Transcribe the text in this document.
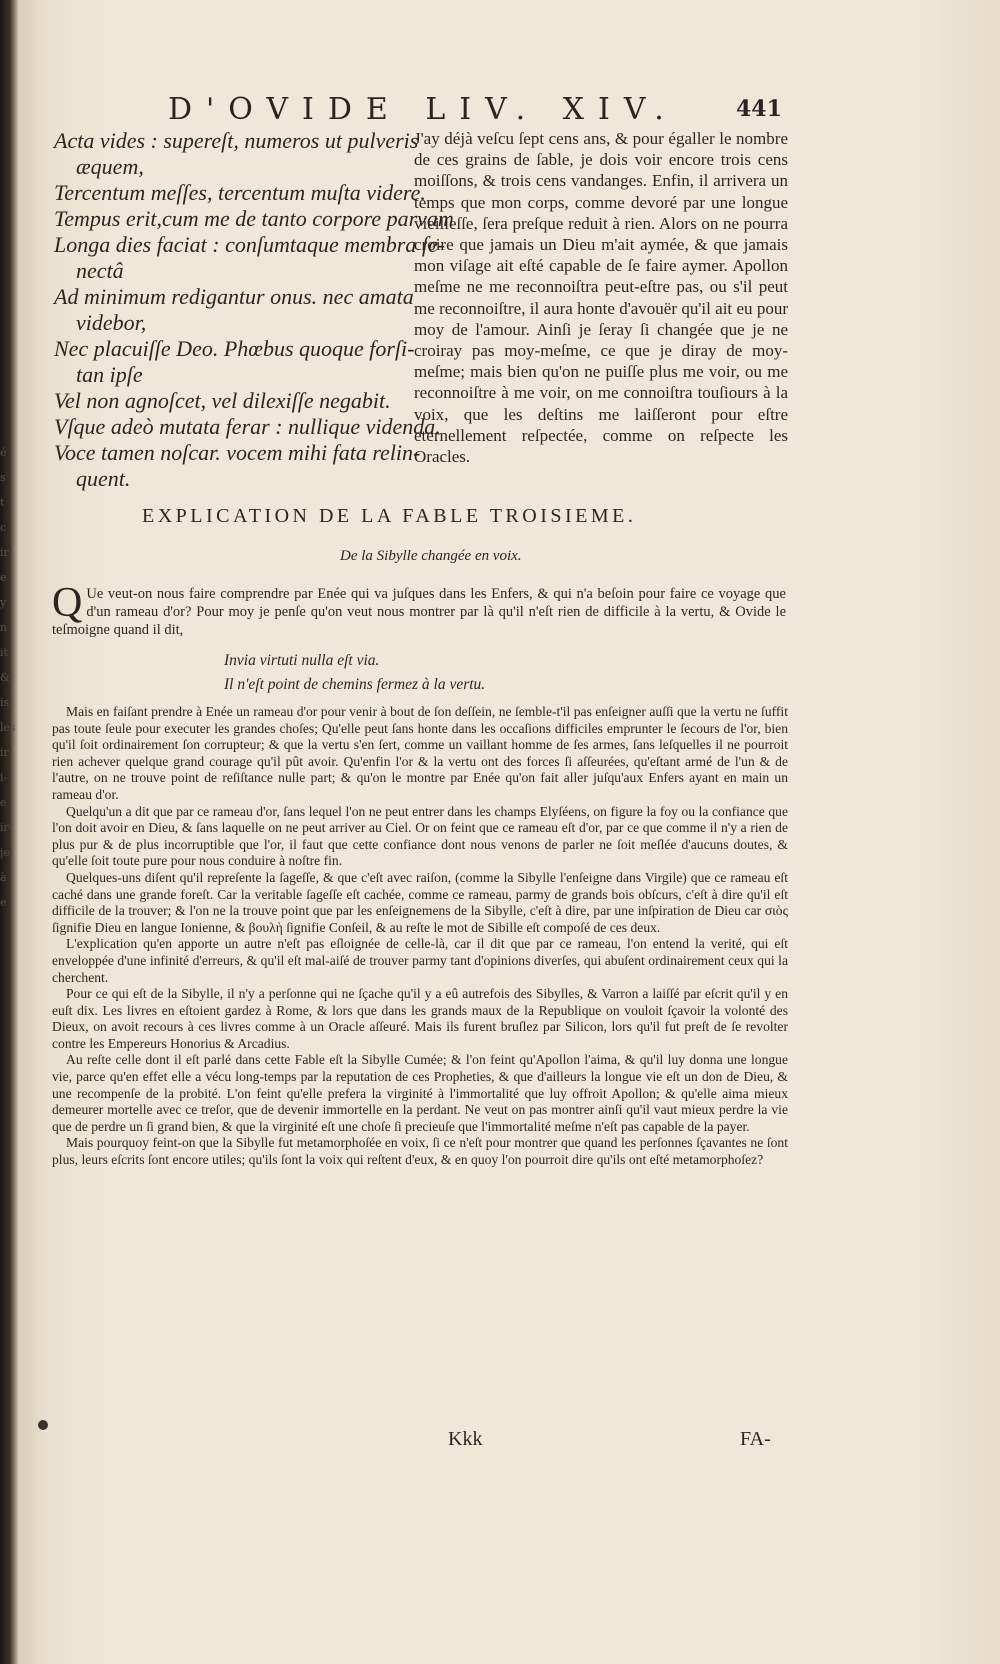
D'OVIDE LIV. XIV.	441
Acta vides : supereſt, numeros ut pulveris
æquem,
Tercentum meſſes, tercentum muſta videre.
Tempus erit,cum me de tanto corpore parvam
Longa dies faciat : conſumtaque membra ſe-
nectâ
Ad minimum redigantur onus. nec amata
videbor,
Nec placuiſſe Deo. Phœbus quoque forſi-
tan ipſe
Vel non agnoſcet, vel dilexiſſe negabit.
Vſque adeò mutata ferar : nullique videnda.
Voce tamen noſcar. vocem mihi fata relin-
quent.
J'ay déjà veſcu ſept cens ans, & pour égaller le nombre de ces grains de ſable, je dois voir encore trois cens moiſſons, & trois cens vandanges. Enfin, il arrivera un temps que mon corps, comme devoré par une longue vieilleſſe, ſera preſque reduit à rien. Alors on ne pourra croire que jamais un Dieu m'ait aymée, & que jamais mon viſage ait eſté capable de ſe faire aymer. Apollon meſme ne me reconnoiſtra peut-eſtre pas, ou s'il peut me reconnoiſtre, il aura honte d'avouër qu'il ait eu pour moy de l'amour. Ainſi je ſeray ſi changée que je ne croiray pas moy-meſme, ce que je diray de moy-meſme; mais bien qu'on ne puiſſe plus me voir, ou me reconnoiſtre à me voir, on me connoiſtra touſiours à la voix, que les deſtins me laiſſeront pour eſtre eternellement reſpectée, comme on reſpecte les Oracles.
EXPLICATION DE LA FABLE TROISIEME.
De la Sibylle changée en voix.
Q Ue veut-on nous faire comprendre par Enée qui va juſques dans les Enfers, & qui n'a beſoin pour faire ce voyage que d'un rameau d'or? Pour moy je penſe qu'on veut nous montrer par là qu'il n'eſt rien de difficile à la vertu, & Ovide le teſmoigne quand il dit,
Invia virtuti nulla eſt via.
Il n'eſt point de chemins fermez à la vertu.

Mais en faiſant prendre à Enée un rameau d'or pour venir à bout de ſon deſſein, ne ſemble-t'il pas enſeigner auſſi que la vertu ne ſuffit pas toute ſeule pour executer les grandes choſes; Qu'elle peut ſans honte dans les occaſions difficiles emprunter le ſecours de l'or, bien qu'il ſoit ordinairement ſon corrupteur; & que la vertu s'en ſert, comme un vaillant homme de ſes armes, ſans leſquelles il ne pourroit rien achever quelque grand courage qu'il pût avoir. Qu'enfin l'or & la vertu ont des forces ſi aſſeurées, qu'eſtant armé de l'un & de l'autre, on ne trouve point de reſiſtance nulle part; & qu'on le montre par Enée qu'on fait aller juſqu'aux Enfers ayant en main un rameau d'or.

Quelqu'un a dit que par ce rameau d'or, ſans lequel l'on ne peut entrer dans les champs Elyſéens, on figure la foy ou la confiance que l'on doit avoir en Dieu, & ſans laquelle on ne peut arriver au Ciel. Or on feint que ce rameau eſt d'or, par ce que comme il n'y a rien de plus pur & de plus incorruptible que l'or, il faut que cette confiance dont nous venons de parler ne ſoit meſlée d'aucuns doutes, & qu'elle ſoit toute pure pour nous conduire à noſtre fin.

Quelques-uns diſent qu'il repreſente la ſageſſe, & que c'eſt avec raiſon, (comme la Sibylle l'enſeigne dans Virgile) que ce rameau eſt caché dans une grande foreſt. Car la veritable ſageſſe eſt cachée, comme ce rameau, parmy de grands bois obſcurs, c'eſt à dire qu'il eſt difficile de la trouver; & l'on ne la trouve point que par les enſeignemens de la Sibylle, c'eſt à dire, par une inſpiration de Dieu car σιὸς ſignifie Dieu en langue Ionienne, & βουλὴ ſignifie Conſeil, & au reſte le mot de Sibille eſt compoſé de ces deux.

L'explication qu'en apporte un autre n'eſt pas eſloignée de celle-là, car il dit que par ce rameau, l'on entend la verité, qui eſt enveloppée d'une infinité d'erreurs, & qu'il eſt mal-aiſé de trouver parmy tant d'opinions diverſes, qui abuſent ordinairement ceux qui la cherchent.

Pour ce qui eſt de la Sibylle, il n'y a perſonne qui ne ſçache qu'il y a eû autrefois des Sibylles, & Varron a laiſſé par eſcrit qu'il y en euſt dix. Les livres en eſtoient gardez à Rome, & lors que dans les grands maux de la Republique on vouloit ſçavoir la volonté des Dieux, on avoit recours à ces livres comme à un Oracle aſſeuré. Mais ils furent bruſlez par Silicon, lors qu'il fut preſt de ſe revolter contre les Empereurs Honorius & Arcadius.

Au reſte celle dont il eſt parlé dans cette Fable eſt la Sibylle Cumée; & l'on feint qu'Apollon l'aima, & qu'il luy donna une longue vie, parce qu'en effet elle a vécu long-temps par la reputation de ces Propheties, & que d'ailleurs la longue vie eſt un don de Dieu, & une recompenſe de la probité. L'on feint qu'elle prefera la virginité à l'immortalité que luy offroit Apollon; & qu'elle aima mieux demeurer mortelle avec ce treſor, que de devenir immortelle en la perdant. Ne veut on pas montrer ainſi qu'il vaut mieux perdre la vie que de perdre un ſi grand bien, & que la virginité eſt une choſe ſi precieuſe que l'immortalité meſme n'eſt pas capable de la payer.

Mais pourquoy feint-on que la Sibylle fut metamorphoſée en voix, ſi ce n'eſt pour montrer que quand les perſonnes ſçavantes ne ſont plus, leurs eſcrits ſont encore utiles; qu'ils ſont la voix qui reſtent d'eux, & en quoy l'on pourroit dire qu'ils ont eſté metamorphoſez?

Kkk	FA-
é
s
t
c
ir
e
y
n
it
&
is
les
ir
i-
e
ir-
je
à
e
